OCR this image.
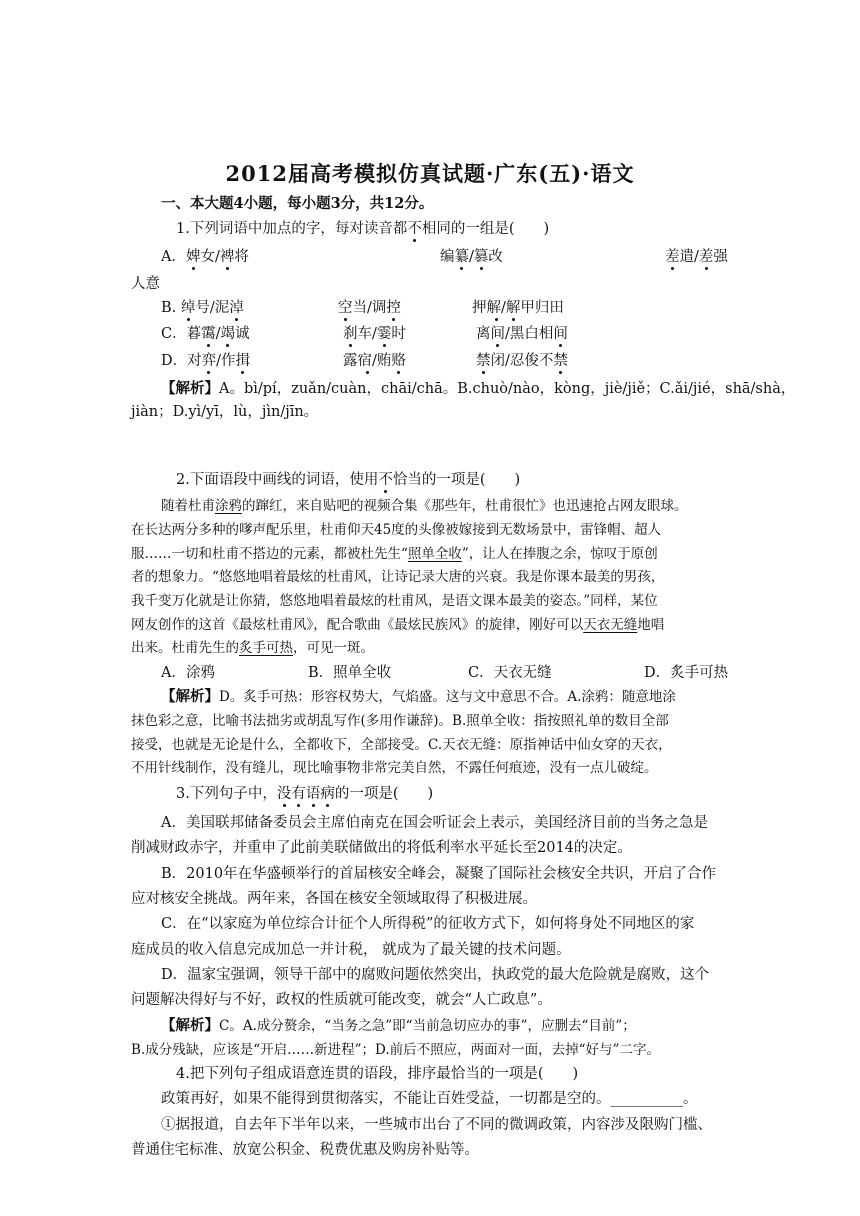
2012届高考模拟仿真试题·广东(五)·语文
一、本大题4小题，每小题3分，共12分。
1.下列词语中加点的字，每对读音都不相同的一组是(　　)
A．婢女/裨将	编纂/篡改	差遣/差强
人意
B. 绰号/泥淖	空当/调控	押解/解甲归田
C．暮霭/竭诚	刹车/霎时	离间/黑白相间
D．对弈/作揖	露宿/贿赂	禁闭/忍俊不禁
【解析】A。bì/pí，zuǎn/cuàn，chāi/chā。B.chuò/nào，kòng，jiè/jiě；C.ǎi/jié，shā/shà，
jiàn；D.yì/yī，lù，jìn/jīn。
2.下面语段中画线的词语，使用不恰当的一项是(　　)
随着杜甫涂鸦的蹿红，来自贴吧的视频合集《那些年，杜甫很忙》也迅速抢占网友眼球。
在长达两分多种的嗲声配乐里，杜甫仰天45度的头像被嫁接到无数场景中，雷锋帽、超人
服……一切和杜甫不搭边的元素，都被杜先生“照单全收”，让人在捧腹之余，惊叹于原创
者的想象力。“悠悠地唱着最炫的杜甫风，让诗记录大唐的兴衰。我是你课本最美的男孩，
我千变万化就是让你猜，悠悠地唱着最炫的杜甫风，是语文课本最美的姿态。”同样，某位
网友创作的这首《最炫杜甫风》，配合歌曲《最炫民族风》的旋律，刚好可以天衣无缝地唱
出来。杜甫先生的炙手可热，可见一斑。
A．涂鸦	B．照单全收	C．天衣无缝	D．炙手可热
【解析】D。炙手可热：形容权势大，气焰盛。这与文中意思不合。A.涂鸦：随意地涂
抹色彩之意，比喻书法拙劣或胡乱写作(多用作谦辞)。B.照单全收：指按照礼单的数目全部
接受，也就是无论是什么，全都收下，全部接受。C.天衣无缝：原指神话中仙女穿的天衣，
不用针线制作，没有缝儿，现比喻事物非常完美自然，不露任何痕迹，没有一点儿破绽。
3.下列句子中，没有语病的一项是(　　)
A．美国联邦储备委员会主席伯南克在国会听证会上表示，美国经济目前的当务之急是
削减财政赤字，并重申了此前美联储做出的将低利率水平延长至2014的决定。
B．2010年在华盛顿举行的首届核安全峰会，凝聚了国际社会核安全共识，开启了合作
应对核安全挑战。两年来，各国在核安全领域取得了积极进展。
C．在“以家庭为单位综合计征个人所得税”的征收方式下，如何将身处不同地区的家
庭成员的收入信息完成加总一并计税， 就成为了最关键的技术问题。
D．温家宝强调，领导干部中的腐败问题依然突出，执政党的最大危险就是腐败，这个
问题解决得好与不好，政权的性质就可能改变，就会“人亡政息”。
【解析】C。A.成分赘余，“当务之急”即“当前急切应办的事”，应删去“目前”；
B.成分残缺，应该是“开启……新进程”；D.前后不照应，两面对一面，去掉“好与”二字。
4.把下列句子组成语意连贯的语段，排序最恰当的一项是(　　)
政策再好，如果不能得到贯彻落实，不能让百姓受益，一切都是空的。__________。
①据报道，自去年下半年以来，一些城市出台了不同的微调政策，内容涉及限购门槛、
普通住宅标准、放宽公积金、税费优惠及购房补贴等。
